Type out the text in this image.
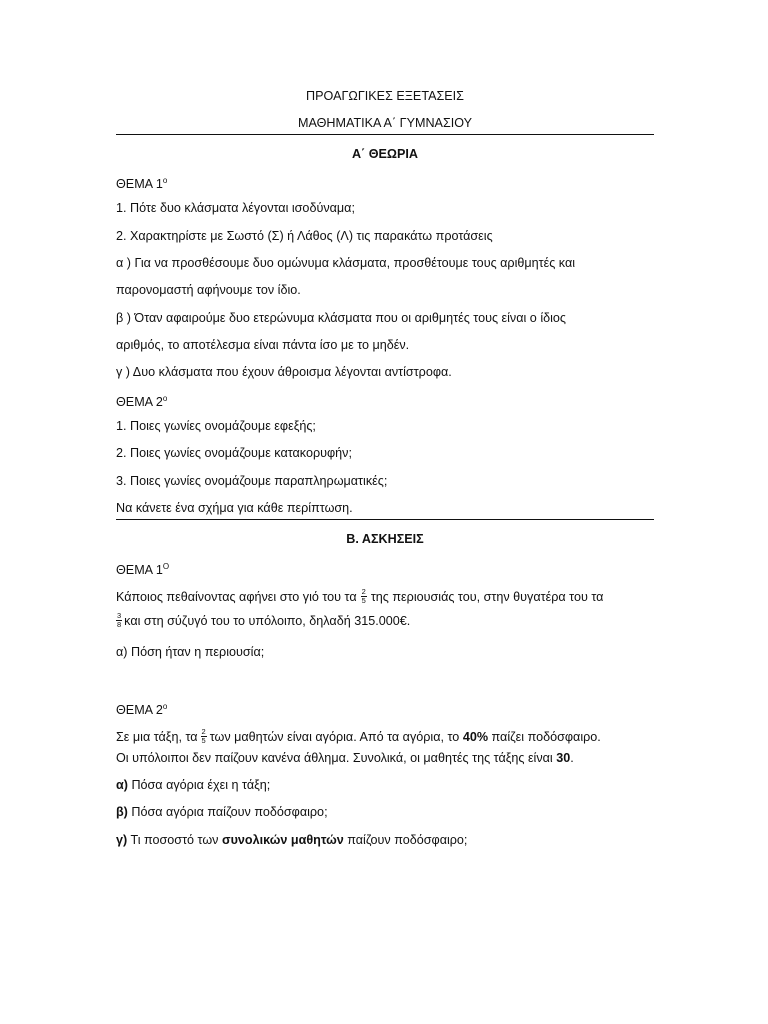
ΠΡΟΑΓΩΓΙΚΕΣ ΕΞΕΤΑΣΕΙΣ
ΜΑΘΗΜΑΤΙΚΑ Α΄ ΓΥΜΝΑΣΙΟΥ
Α΄ ΘΕΩΡΙΑ
ΘΕΜΑ $1^o$
1. Πότε δυο κλάσματα λέγονται ισοδύναμα;
2. Χαρακτηρίστε με Σωστό (Σ) ή Λάθος (Λ) τις παρακάτω προτάσεις
α ) Για να προσθέσουμε δυο ομώνυμα κλάσματα, προσθέτουμε τους αριθμητές και
παρονομαστή αφήνουμε τον ίδιο.
β ) Όταν αφαιρούμε δυο ετερώνυμα κλάσματα που οι αριθμητές τους είναι ο ίδιος
αριθμός, το αποτέλεσμα είναι πάντα ίσο με το μηδέν.
γ ) Δυο κλάσματα που έχουν άθροισμα λέγονται αντίστροφα.
ΘΕΜΑ $2^o$
1. Ποιες γωνίες ονομάζουμε εφεξής;
2. Ποιες γωνίες ονομάζουμε κατακορυφήν;
3. Ποιες γωνίες ονομάζουμε παραπληρωματικές;
Να κάνετε ένα σχήμα για κάθε περίπτωση.
Β. ΑΣΚΗΣΕΙΣ
ΘΕΜΑ $1^O$
Κάποιος πεθαίνοντας αφήνει στο γιό του τα $\frac{2}{5}$ της περιουσιάς του, στην θυγατέρα του τα
$\frac{3}{8}$ και στη σύζυγό του το υπόλοιπο, δηλαδή 315.000€.
α) Πόση ήταν η περιουσία;
ΘΕΜΑ $2^o$
Σε μια τάξη, τα $\frac{2}{5}$ των μαθητών είναι αγόρια. Από τα αγόρια, το 40% παίζει ποδόσφαιρο.
Οι υπόλοιποι δεν παίζουν κανένα άθλημα. Συνολικά, οι μαθητές της τάξης είναι 30.
α) Πόσα αγόρια έχει η τάξη;
β) Πόσα αγόρια παίζουν ποδόσφαιρο;
γ) Τι ποσοστό των συνολικών μαθητών παίζουν ποδόσφαιρο;
